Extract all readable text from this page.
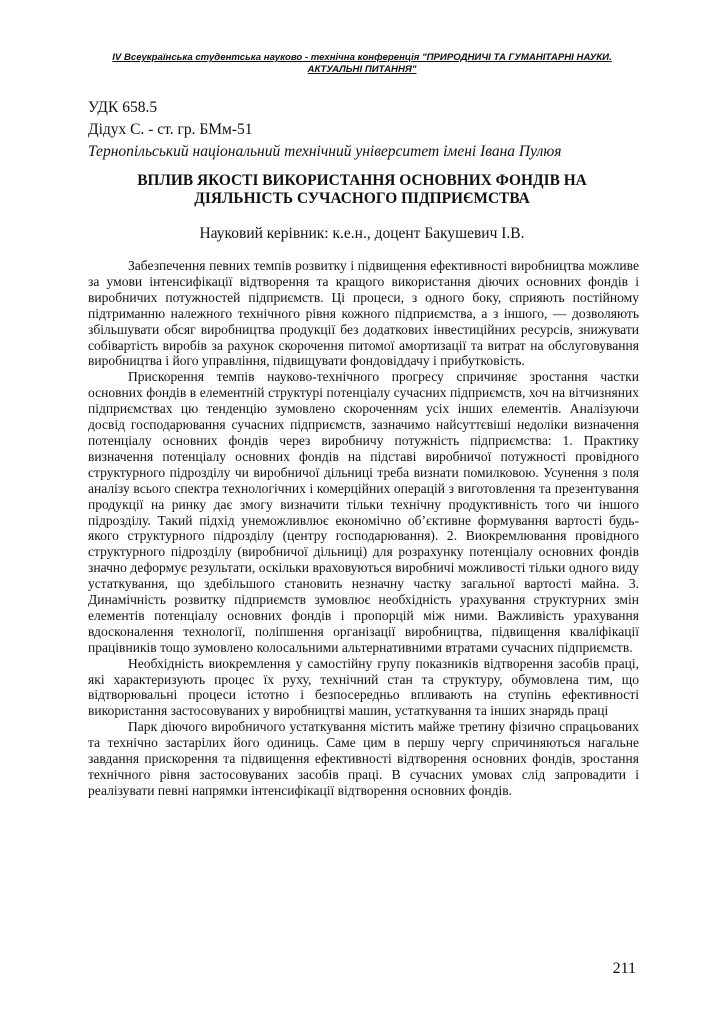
IV Всеукраїнська студентська науково - технічна конференція "ПРИРОДНИЧІ ТА ГУМАНІТАРНІ НАУКИ.
АКТУАЛЬНІ ПИТАННЯ"
УДК 658.5
Дідух С. - ст. гр. БМм-51
Тернопільський національний технічний університет імені Івана Пулюя
ВПЛИВ ЯКОСТІ ВИКОРИСТАННЯ ОСНОВНИХ ФОНДІВ НА
ДІЯЛЬНІСТЬ СУЧАСНОГО ПІДПРИЄМСТВА
Науковий керівник: к.е.н., доцент Бакушевич І.В.

Забезпечення певних темпів розвитку і підвищення ефективності виробництва можливе за умови інтенсифікації відтворення та кращого використання діючих основних фондів і виробничих потужностей підприємств. Ці процеси, з одного боку, сприяють постійному підтриманню належного технічного рівня кожного підприємства, а з іншого, — дозволяють збільшувати обсяг виробництва продукції без додаткових інвестиційних ресурсів, знижувати собівартість виробів за рахунок скорочення питомої амортизації та витрат на обслуговування виробництва і його управління, підвищувати фондовіддачу і прибутковість.

Прискорення темпів науково-технічного прогресу спричиняє зростання частки основних фондів в елементній структурі потенціалу сучасних підприємств, хоч на вітчизняних підприємствах цю тенденцію зумовлено скороченням усіх інших елементів. Аналізуючи досвід господарювання сучасних підприємств, зазначимо найсуттєвіші недоліки визначення потенціалу основних фондів через виробничу потужність підприємства: 1. Практику визначення потенціалу основних фондів на підставі виробничої потужності провідного структурного підрозділу чи виробничої дільниці треба визнати помилковою. Усунення з поля аналізу всього спектра технологічних і комерційних операцій з виготовлення та презентування продукції на ринку дає змогу визначити тільки технічну продуктивність того чи іншого підрозділу. Такий підхід унеможливлює економічно об’єктивне формування вартості будь-якого структурного підрозділу (центру господарювання). 2. Виокремлювання провідного структурного підрозділу (виробничої дільниці) для розрахунку потенціалу основних фондів значно деформує результати, оскільки враховуються виробничі можливості тільки одного виду устаткування, що здебільшого становить незначну частку загальної вартості майна. 3. Динамічність розвитку підприємств зумовлює необхідність урахування структурних змін елементів потенціалу основних фондів і пропорцій між ними. Важливість урахування вдосконалення технології, поліпшення організації виробництва, підвищення кваліфікації працівників тощо зумовлено колосальними альтернативними втратами сучасних підприємств.

Необхідність виокремлення у самостійну групу показників відтворення засобів праці, які характеризують процес їх руху, технічний стан та структуру, обумовлена тим, що відтворювальні процеси істотно і безпосередньо впливають на ступінь ефективності використання застосовуваних у виробництві машин, устаткування та інших знарядь праці

Парк діючого виробничого устаткування містить майже третину фізично спрацьованих та технічно застарілих його одиниць. Саме цим в першу чергу спричиняються нагальне завдання прискорення та підвищення ефективності відтворення основних фондів, зростання технічного рівня застосовуваних засобів праці. В сучасних умовах слід запровадити і реалізувати певні напрямки інтенсифікації відтворення основних фондів.

211
